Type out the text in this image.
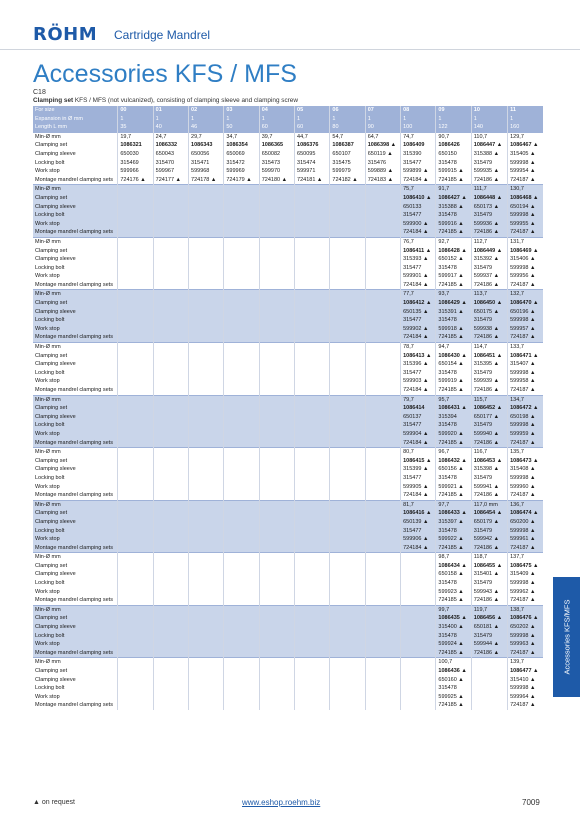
RÖHM Cartridge Mandrel
Accessories KFS / MFS
C18
Clamping set KFS / MFS (not vulcanized), consisting of clamping sleeve and clamping screw
For size	00	01	02	03	04	05	06	07	08	09	10	11
Expansion in Ø mm	1	1	1	1	1	1	1	1	1	1	1	1
Length L mm	35	40	46	50	60	60	80	90	100	122	140	160
Min-Ø mm	19,7	24,7	29,7	34,7	39,7	44,7	54,7	64,7	74,7	90,7	110,7	129,7
Clamping set	1086321	1086332	1086343	1086354	1086365	1086376	1086387	1086398 ▲	1086409	1086426	1086447 ▲	1086467 ▲
Clamping sleeve	650030	650043	650056	650069	650082	650095	650107	650119 ▲	315390	650150	315388 ▲	315405 ▲
Locking bolt	315469	315470	315471	315472	315473	315474	315475	315476	315477	315478	315479	599998 ▲
Work stop	599966	599967	599968	599969	599970	599971	599979	599889 ▲	599899 ▲	599915 ▲	599935 ▲	599954 ▲
Montage mandrel clamping sets	724176 ▲	724177 ▲	724178 ▲	724179 ▲	724180 ▲	724181 ▲	724182 ▲	724183 ▲	724184 ▲	724185 ▲	724186 ▲	724187 ▲
Min-Ø mm									75,7	91,7	111,7	130,7
Clamping set									1086410 ▲	1086427 ▲	1086448 ▲	1086468 ▲
Clamping sleeve									650133	315388 ▲	650173 ▲	650194 ▲
Locking bolt									315477	315478	315479	599998 ▲
Work stop									599900 ▲	599916 ▲	599936 ▲	599955 ▲
Montage mandrel clamping sets									724184 ▲	724185 ▲	724186 ▲	724187 ▲
Min-Ø mm									76,7	92,7	112,7	131,7
Clamping set									1086411 ▲	1086428 ▲	1086449 ▲	1086469 ▲
Clamping sleeve									315393 ▲	650152 ▲	315392 ▲	315406 ▲
Locking bolt									315477	315478	315479	599998 ▲
Work stop									599901 ▲	599917 ▲	599937 ▲	599956 ▲
Montage mandrel clamping sets									724184 ▲	724185 ▲	724186 ▲	724187 ▲
Min-Ø mm									77,7	93,7	113,7	132,7
Clamping set									1086412 ▲	1086429 ▲	1086450 ▲	1086470 ▲
Clamping sleeve									650135 ▲	315391 ▲	650175 ▲	650196 ▲
Locking bolt									315477	315478	315479	599998 ▲
Work stop									599902 ▲	599918 ▲	599938 ▲	599957 ▲
Montage mandrel clamping sets									724184 ▲	724185 ▲	724186 ▲	724187 ▲
Min-Ø mm									78,7	94,7	114,7	133,7
Clamping set									1086413 ▲	1086430 ▲	1086451 ▲	1086471 ▲
Clamping sleeve									315396 ▲	650154 ▲	315395 ▲	315407 ▲
Locking bolt									315477	315478	315479	599998 ▲
Work stop									599903 ▲	599919 ▲	599939 ▲	599958 ▲
Montage mandrel clamping sets									724184 ▲	724185 ▲	724186 ▲	724187 ▲
Min-Ø mm									79,7	95,7	115,7	134,7
Clamping set									1086414	1086431 ▲	1086452 ▲	1086472 ▲
Clamping sleeve									650137	315394	650177 ▲	650198 ▲
Locking bolt									315477	315478	315479	599998 ▲
Work stop									599904 ▲	599920 ▲	599940 ▲	599959 ▲
Montage mandrel clamping sets									724184 ▲	724185 ▲	724186 ▲	724187 ▲
Min-Ø mm									80,7	96,7	116,7	135,7
Clamping set									1086415 ▲	1086432 ▲	1086453 ▲	1086473 ▲
Clamping sleeve									315399 ▲	650156 ▲	315398 ▲	315408 ▲
Locking bolt									315477	315478	315479	599998 ▲
Work stop									599905 ▲	599921 ▲	599941 ▲	599960 ▲
Montage mandrel clamping sets									724184 ▲	724185 ▲	724186 ▲	724187 ▲
Min-Ø mm									81,7	97,7	117,0 mm	136,7
Clamping set									1086416 ▲	1086433 ▲	1086454 ▲	1086474 ▲
Clamping sleeve									650139 ▲	315397 ▲	650179 ▲	650200 ▲
Locking bolt									315477	315478	315479	599998 ▲
Work stop									599906 ▲	599922 ▲	599942 ▲	599961 ▲
Montage mandrel clamping sets									724184 ▲	724185 ▲	724186 ▲	724187 ▲
Min-Ø mm										98,7	118,7	137,7
Clamping set										1086434 ▲	1086455 ▲	1086475 ▲
Clamping sleeve										650158 ▲	315401 ▲	315409 ▲
Locking bolt										315478	315479	599998 ▲
Work stop										599923 ▲	599943 ▲	599962 ▲
Montage mandrel clamping sets										724185 ▲	724186 ▲	724187 ▲
Min-Ø mm										99,7	119,7	138,7
Clamping set										1086435 ▲	1086456 ▲	1086476 ▲
Clamping sleeve										315400 ▲	650181 ▲	650202 ▲
Locking bolt										315478	315479	599998 ▲
Work stop										599924 ▲	599944 ▲	599963 ▲
Montage mandrel clamping sets										724185 ▲	724186 ▲	724187 ▲
Min-Ø mm										100,7		139,7
Clamping set										1086436 ▲		1086477 ▲
Clamping sleeve										650160 ▲		315410 ▲
Locking bolt										315478		599998 ▲
Work stop										599925 ▲		599964 ▲
Montage mandrel clamping sets										724185 ▲		724187 ▲
Accessories KFS/MFS
▲ on request	www.eshop.roehm.biz	7009
